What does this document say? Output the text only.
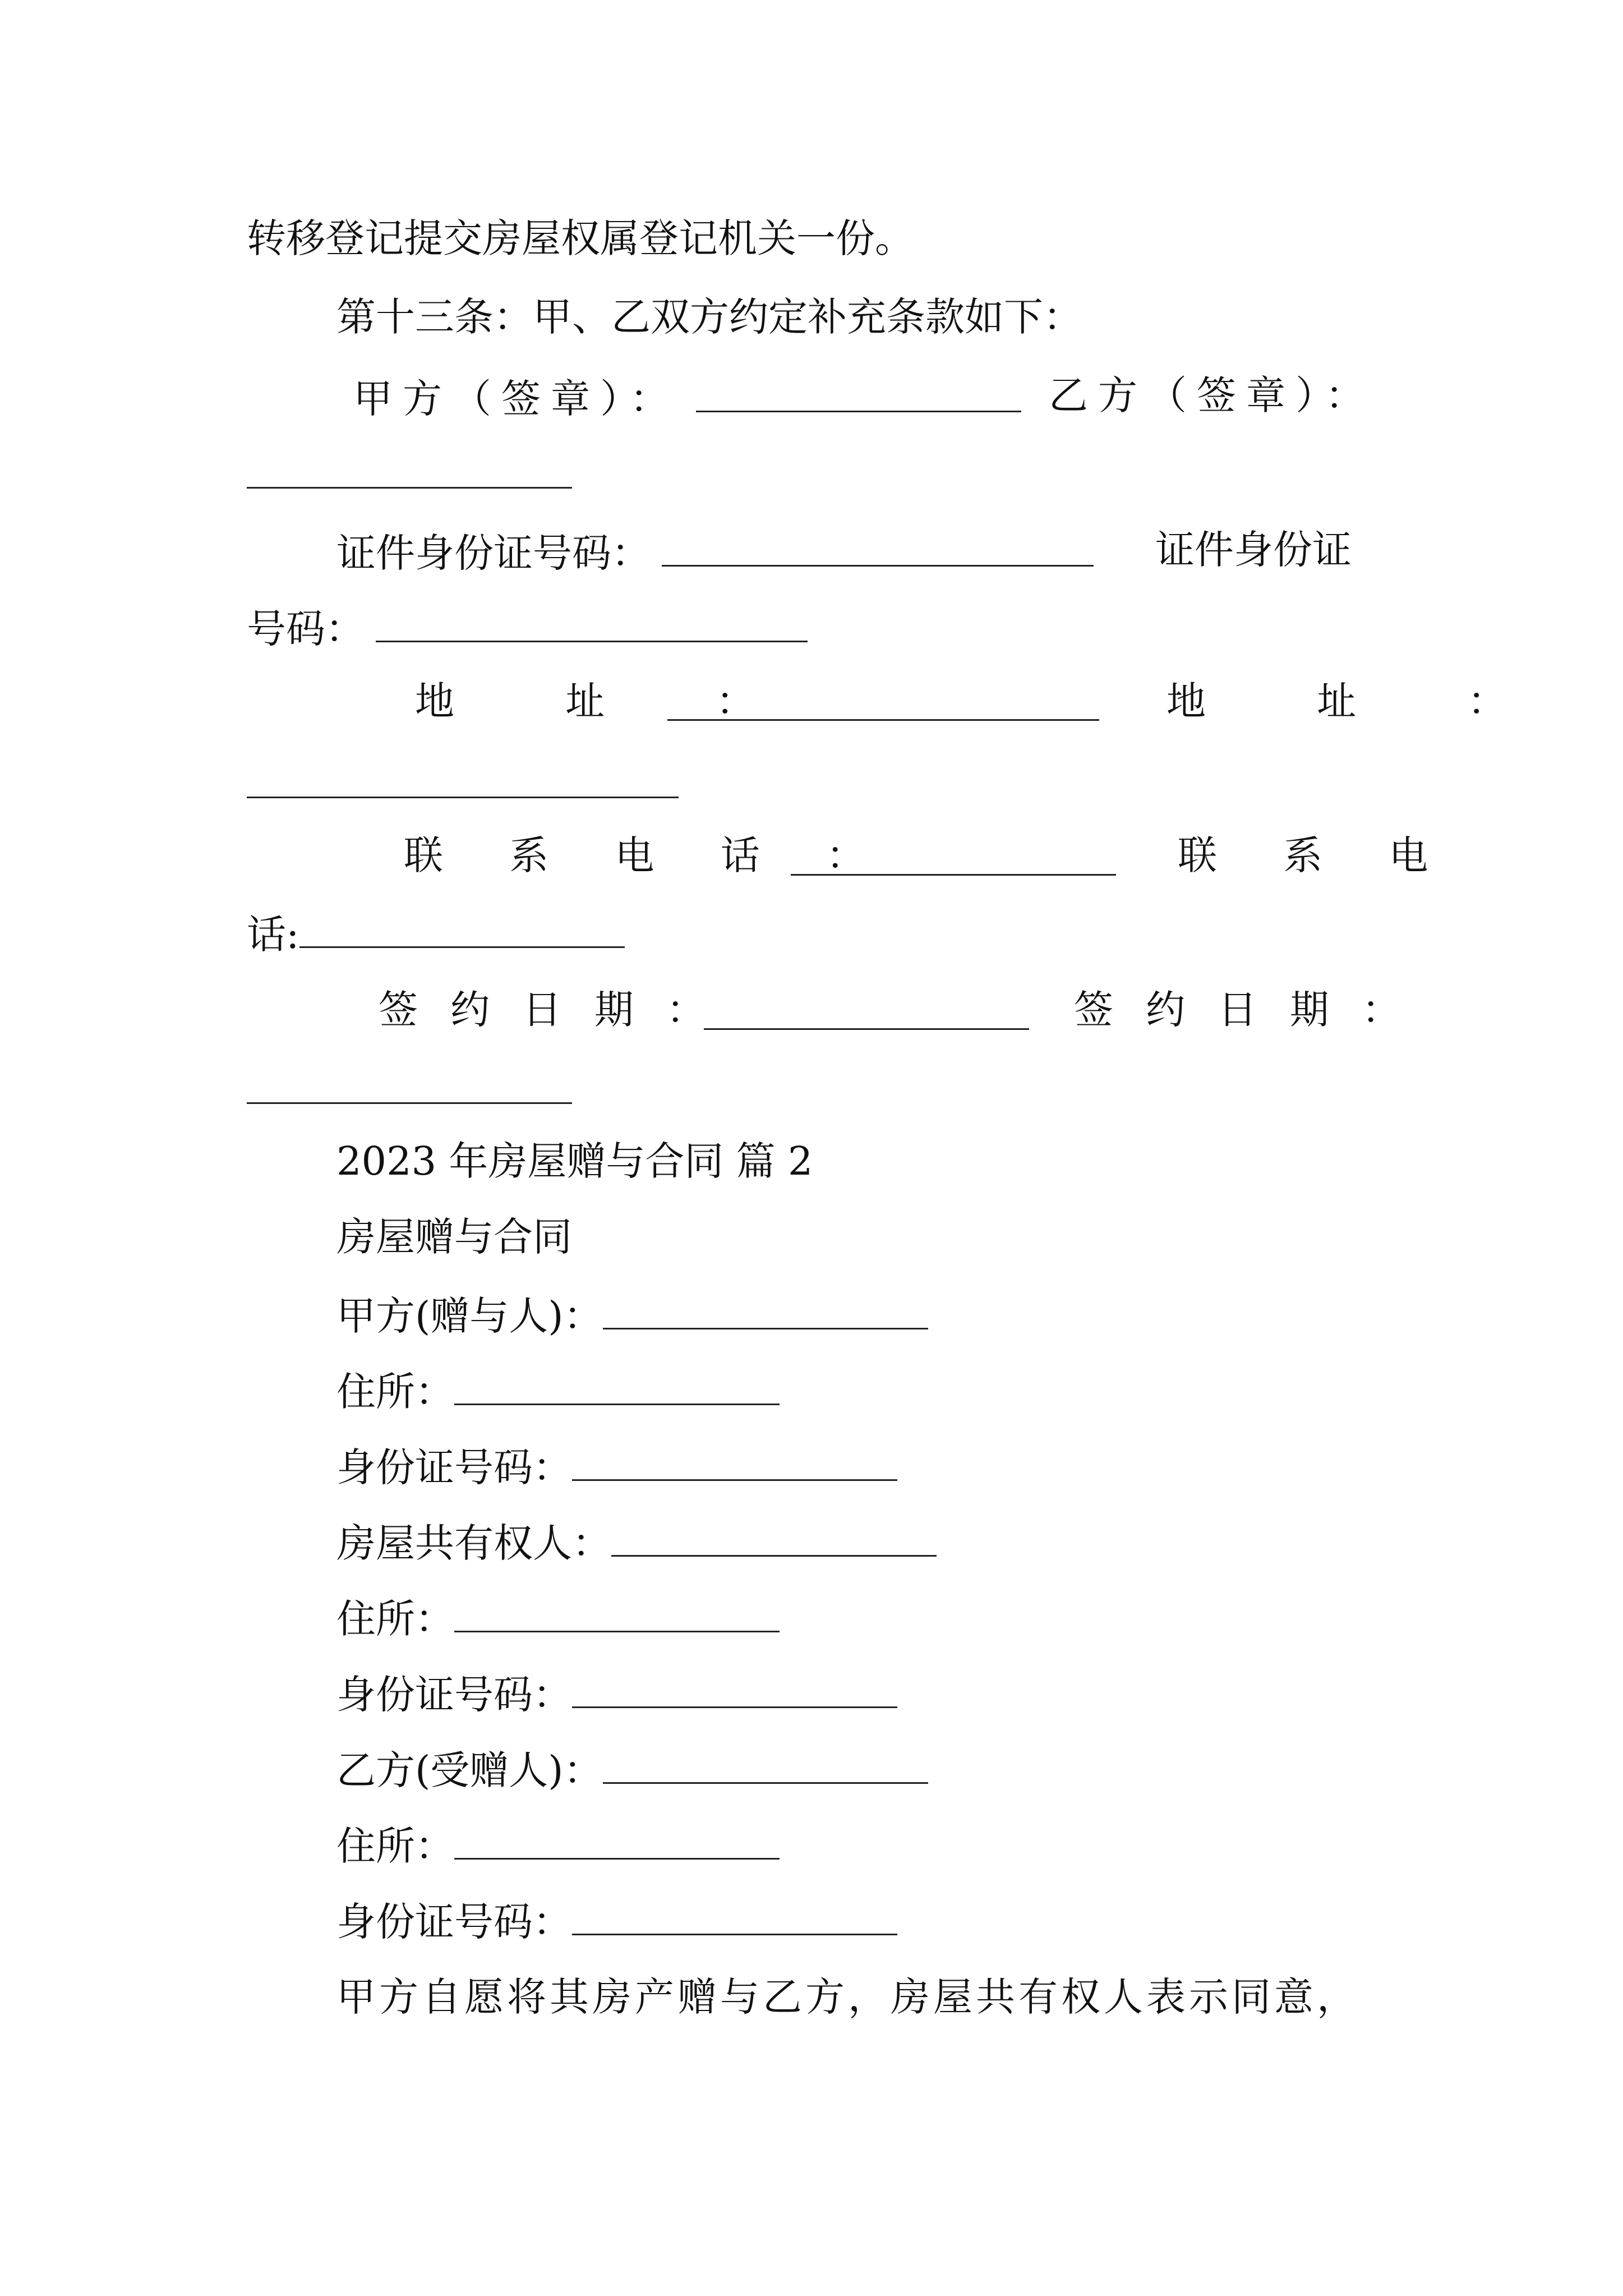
转移登记提交房屋权属登记机关一份。
第十三条：甲、乙双方约定补充条款如下：
甲方（签章）：	乙方（签章）：
证件身份证号码：	证件身份证
号码：
地 址 ：	地 址 ：
联 系 电 话 ：	联 系 电
话:
签 约 日 期 ：	签 约 日 期 ：
2023 年房屋赠与合同 篇 2
房屋赠与合同
甲方(赠与人)：
住所：
身份证号码：
房屋共有权人：
住所：
身份证号码：
乙方(受赠人)：
住所：
身份证号码：
甲方自愿将其房产赠与乙方，房屋共有权人表示同意，
